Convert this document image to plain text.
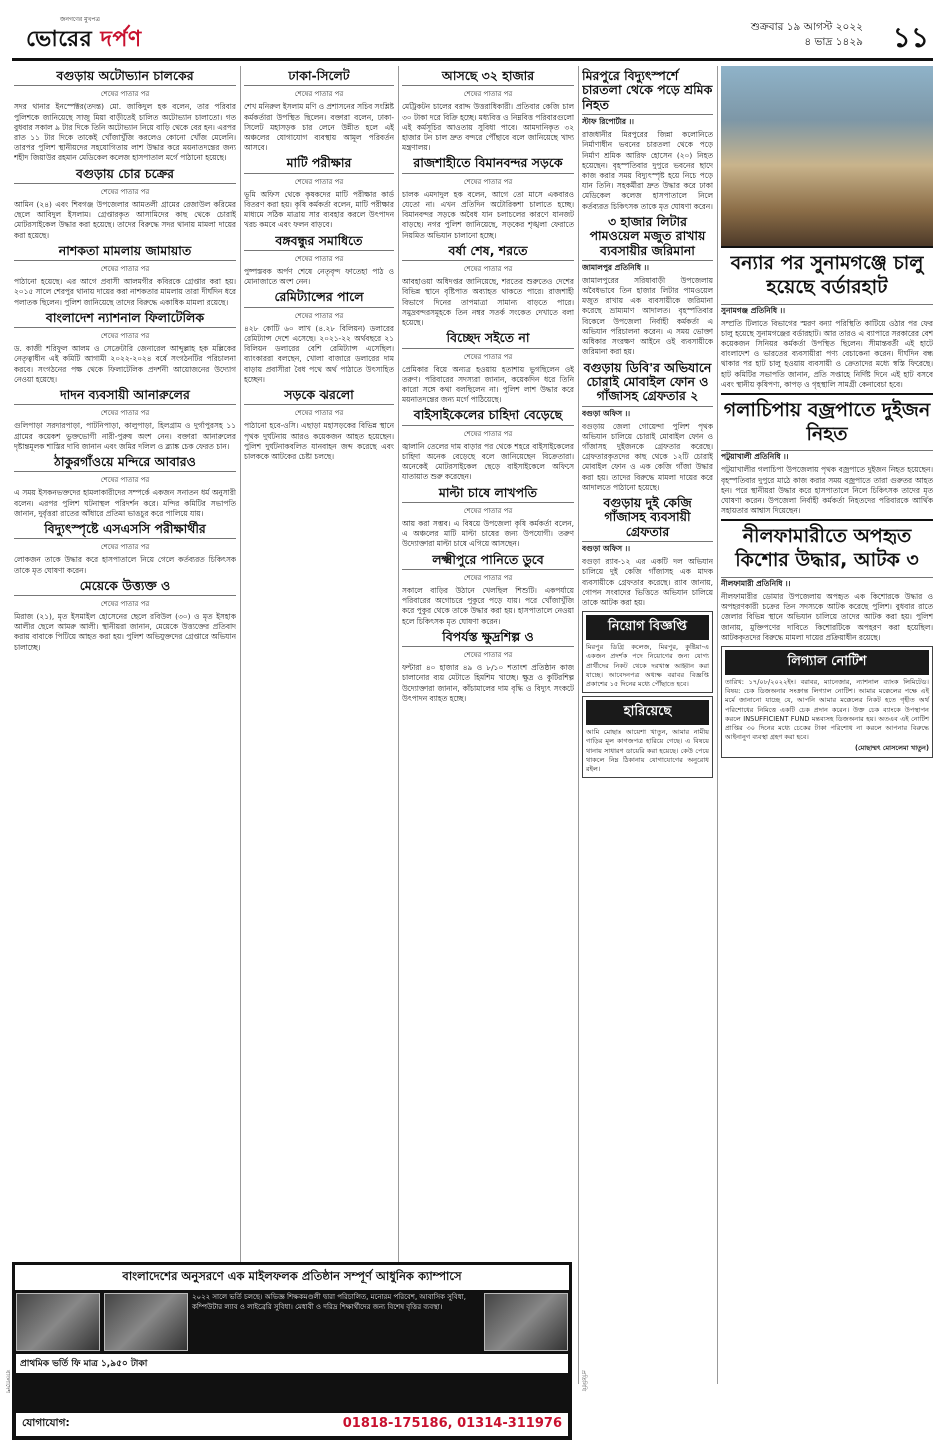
জনগণের মুখপত্র
ভোরের দর্পণ	শুক্রবার ১৯ আগস্ট ২০২২
৪ ভাদ্র ১৪২৯ ১১
বগুড়ায় অটোভ্যান চালকের
শেষের পাতার পর

সদর থানার ইনস্পেক্টর(তদন্ত) মো. জাকিদুল হক বলেন, তার পরিবার পুলিশকে জানিয়েছে সাজু মিয়া বাড়ীতেই চালিত অটোভ্যান চালাতো। গত বুধবার সকাল ৯ টার দিকে তিনি অটোভ্যান নিয়ে বাড়ি থেকে বের হন। এরপর রাত ১১ টার দিকে তাকেই খোঁজাখুঁজি করলেও কোনো খোঁজ মেলেনি। তারপর পুলিশ স্থানীয়দের সহযোগিতায় লাশ উদ্ধার করে ময়নাতদন্তের জন্য শহীদ জিয়াউর রহমান মেডিকেল কলেজ হাসপাতাল মর্গে পাঠানো হয়েছে।

বগুড়ায় চোর চক্রের
শেষের পাতার পর

আমিন (২৪) এবং শিবগঞ্জ উপজেলার আমতলী গ্রামের রেজাউল করিমের ছেলে আবিদুল ইসলাম। গ্রেপ্তারকৃত আসামিদের কাছ থেকে চোরাই মোটরসাইকেল উদ্ধার করা হয়েছে। তাদের বিরুদ্ধে সদর থানায় মামলা দায়ের করা হয়েছে।

নাশকতা মামলায় জামায়াত
শেষের পাতার পর

পাঠানো হয়েছে। এর আগে প্রবাসী আলমগীর কবিরকে গ্রেপ্তার করা হয়। ২০১৫ সালে শেরপুর থানায় দায়ের করা নাশকতার মামলায় তারা দীর্ঘদিন ধরে পলাতক ছিলেন। পুলিশ জানিয়েছে তাদের বিরুদ্ধে একাধিক মামলা রয়েছে।

বাংলাদেশ ন্যাশনাল ফিলাটেলিক
শেষের পাতার পর

ড. কাজী শরিফুল আলম ও সেক্রেটারি জেনারেল আব্দুল্লাহ হক মল্লিকের নেতৃত্বাধীন এই কমিটি আগামী ২০২২-২০২৪ বর্ষে সংগঠনটির পরিচালনা করবে। সংগঠনের পক্ষ থেকে ফিলাটেলিক প্রদর্শনী আয়োজনের উদ্যোগ নেওয়া হয়েছে।

দাদন ব্যবসায়ী আনারুলের
শেষের পাতার পর

গুলিপাড়া সরদারপাড়া, পাটনিপাড়া, কালুপাড়া, হিলগ্রাম ও দুর্গাপুরসহ ১১ গ্রামের কয়েকশ ভুক্তভোগী নারী-পুরুষ অংশ নেন। বক্তারা আনারুলের দৃষ্টান্তমূলক শাস্তির দাবি জানান এবং জমির দলিল ও ব্ল্যাঙ্ক চেক ফেরত চান।

ঠাকুরগাঁওয়ে মন্দিরে আবারও
শেষের পাতার পর

এ সময় ইসকনভক্তদের হামলাকারীদের সম্পর্কে একজন সনাতন ধর্ম অনুসারী বলেন। এরপর পুলিশ ঘটনাস্থল পরিদর্শন করে। মন্দির কমিটির সভাপতি জানান, দুর্বৃত্তরা রাতের আঁধারে প্রতিমা ভাঙচুর করে পালিয়ে যায়।

বিদ্যুৎস্পৃষ্টে এসএসসি পরীক্ষার্থীর
শেষের পাতার পর

লোকজন তাকে উদ্ধার করে হাসপাতালে নিয়ে গেলে কর্তব্যরত চিকিৎসক তাকে মৃত ঘোষণা করেন।

মেয়েকে উত্ত্যক্ত ও
শেষের পাতার পর

মিরাজ (২১), মৃত ইসমাইল হোসেনের ছেলে রবিউল (৩০) ও মৃত ইসহাক আলীর ছেলে আমরু আলী। স্থানীয়রা জানান, মেয়েকে উত্ত্যক্তের প্রতিবাদ করায় বাবাকে পিটিয়ে আহত করা হয়। পুলিশ অভিযুক্তদের গ্রেপ্তারে অভিযান চালাচ্ছে।

ঢাকা-সিলেট
শেষের পাতার পর

শেখ মনিরুল ইসলাম মণি ও প্রশাসনের সচিব সংশ্লিষ্ট কর্মকর্তারা উপস্থিত ছিলেন। বক্তারা বলেন, ঢাকা-সিলেট মহাসড়ক চার লেনে উন্নীত হলে এই অঞ্চলের যোগাযোগ ব্যবস্থায় আমূল পরিবর্তন আসবে।

মাটি পরীক্ষার
শেষের পাতার পর

ভূমি অফিস থেকে কৃষকদের মাটি পরীক্ষার কার্ড বিতরণ করা হয়। কৃষি কর্মকর্তা বলেন, মাটি পরীক্ষার মাধ্যমে সঠিক মাত্রায় সার ব্যবহার করলে উৎপাদন খরচ কমবে এবং ফলন বাড়বে।

বঙ্গবন্ধুর সমাধিতে
শেষের পাতার পর

পুষ্পস্তবক অর্পণ শেষে নেতৃবৃন্দ ফাতেহা পাঠ ও মোনাজাতে অংশ নেন।

রেমিট্যান্সের পালে
শেষের পাতার পর

৪২৮ কোটি ৬০ লাখ (৪.২৮ বিলিয়ন) ডলারের রেমিট্যান্স দেশে এসেছে। ২০২১-২২ অর্থবছরে ২১ বিলিয়ন ডলারের বেশি রেমিট্যান্স এসেছিল। ব্যাংকাররা বলছেন, খোলা বাজারে ডলারের দাম বাড়ায় প্রবাসীরা বৈধ পথে অর্থ পাঠাতে উৎসাহিত হচ্ছেন।

সড়কে ঝরলো
শেষের পাতার পর

পাঠানো হবে-ওসি। এছাড়া মহাসড়কের বিভিন্ন স্থানে পৃথক দুর্ঘটনায় আরও কয়েকজন আহত হয়েছেন। পুলিশ দুর্ঘটনাকবলিত যানবাহন জব্দ করেছে এবং চালককে আটকের চেষ্টা চলছে।

আসছে ৩২ হাজার
শেষের পাতার পর

মেট্রিকটন চালের বরাদ্দ উত্তরাধিকারী। প্রতিবার কেজি চাল ৩০ টাকা দরে বিক্রি হচ্ছে। মধ্যবিত্ত ও নিম্নবিত্ত পরিবারগুলো এই কর্মসূচির আওতায় সুবিধা পাবে। আমদানিকৃত ৩২ হাজার টন চাল দ্রুত বন্দরে পৌঁছাবে বলে জানিয়েছে খাদ্য মন্ত্রণালয়।

রাজশাহীতে বিমানবন্দর সড়কে
শেষের পাতার পর

চালক এমদাদুল হক বলেন, আগে তো মাসে একবারও যেতো না। এখন প্রতিদিন অটোরিকশা চালাতে হচ্ছে। বিমানবন্দর সড়কে অবৈধ যান চলাচলের কারণে যানজট বাড়ছে। নগর পুলিশ জানিয়েছে, সড়কের শৃঙ্খলা ফেরাতে নিয়মিত অভিযান চালানো হচ্ছে।

বর্ষা শেষ, শরতে
শেষের পাতার পর

আবহাওয়া অধিদপ্তর জানিয়েছে, শরতের শুরুতেও দেশের বিভিন্ন স্থানে বৃষ্টিপাত অব্যাহত থাকতে পারে। রাজশাহী বিভাগে দিনের তাপমাত্রা সামান্য বাড়তে পারে। সমুদ্রবন্দরসমূহকে তিন নম্বর সতর্ক সংকেত দেখাতে বলা হয়েছে।

বিচ্ছেদ সইতে না
শেষের পাতার পর

প্রেমিকার বিয়ে অন্যত্র হওয়ায় হতাশায় ভুগছিলেন ওই তরুণ। পরিবারের সদস্যরা জানান, কয়েকদিন ধরে তিনি কারো সঙ্গে কথা বলছিলেন না। পুলিশ লাশ উদ্ধার করে ময়নাতদন্তের জন্য মর্গে পাঠিয়েছে।

বাইসাইকেলের চাহিদা বেড়েছে
শেষের পাতার পর

জ্বালানি তেলের দাম বাড়ার পর থেকে শহরে বাইসাইকেলের চাহিদা অনেক বেড়েছে বলে জানিয়েছেন বিক্রেতারা। অনেকেই মোটরসাইকেল ছেড়ে বাইসাইকেলে অফিসে যাতায়াত শুরু করেছেন।

মাল্টা চাষে লাখপতি
শেষের পাতার পর

আয় করা সম্ভব। এ বিষয়ে উপজেলা কৃষি কর্মকর্তা বলেন, এ অঞ্চলের মাটি মাল্টা চাষের জন্য উপযোগী। তরুণ উদ্যোক্তারা মাল্টা চাষে এগিয়ে আসছেন।

লক্ষ্মীপুরে পানিতে ডুবে
শেষের পাতার পর

সকালে বাড়ির উঠানে খেলছিল শিশুটি। একপর্যায়ে পরিবারের অগোচরে পুকুরে পড়ে যায়। পরে খোঁজাখুঁজি করে পুকুর থেকে তাকে উদ্ধার করা হয়। হাসপাতালে নেওয়া হলে চিকিৎসক মৃত ঘোষণা করেন।

বিপর্যস্ত ক্ষুদ্রশিল্প ও
শেষের পাতার পর

ফন্টারা ৪০ হাজার ৪৯ ও ৮/১০ শতাংশ প্রতিষ্ঠান কাজ চালানোর ব্যয় মেটাতে হিমশিম খাচ্ছে। ক্ষুদ্র ও কুটিরশিল্প উদ্যোক্তারা জানান, কাঁচামালের দাম বৃদ্ধি ও বিদ্যুৎ সংকটে উৎপাদন ব্যাহত হচ্ছে।

মিরপুরে বিদ্যুৎস্পর্শে চারতলা থেকে পড়ে শ্রমিক নিহত
স্টাফ রিপোর্টার ।।

রাজধানীর মিরপুরের জিন্না কলোনিতে নির্মাণাধীন ভবনের চারতলা থেকে পড়ে নির্মাণ শ্রমিক আরিফ হোসেন (২০) নিহত হয়েছেন। বৃহস্পতিবার দুপুরে ভবনের ছাদে কাজ করার সময় বিদ্যুৎস্পৃষ্ট হয়ে নিচে পড়ে যান তিনি। সহকর্মীরা দ্রুত উদ্ধার করে ঢাকা মেডিকেল কলেজ হাসপাতালে নিলে কর্তব্যরত চিকিৎসক তাকে মৃত ঘোষণা করেন।

৩ হাজার লিটার পামওয়েল মজুত রাখায় ব্যবসায়ীর জরিমানা
জামালপুর প্রতিনিধি ।।

জামালপুরের সরিষাবাড়ী উপজেলায় অবৈধভাবে তিন হাজার লিটার পামওয়েল মজুত রাখায় এক ব্যবসায়ীকে জরিমানা করেছে ভ্রাম্যমাণ আদালত। বৃহস্পতিবার বিকেলে উপজেলা নির্বাহী কর্মকর্তা এ অভিযান পরিচালনা করেন। এ সময় ভোক্তা অধিকার সংরক্ষণ আইনে ওই ব্যবসায়ীকে জরিমানা করা হয়।

বগুড়ায় ডিবি'র অভিযানে চোরাই মোবাইল ফোন ও গাঁজাসহ গ্রেফতার ২
বগুড়া অফিস ।।

বগুড়ায় জেলা গোয়েন্দা পুলিশ পৃথক অভিযান চালিয়ে চোরাই মোবাইল ফোন ও গাঁজাসহ দুইজনকে গ্রেফতার করেছে। গ্রেফতারকৃতদের কাছ থেকে ১২টি চোরাই মোবাইল ফোন ও এক কেজি গাঁজা উদ্ধার করা হয়। তাদের বিরুদ্ধে মামলা দায়ের করে আদালতে পাঠানো হয়েছে।

বগুড়ায় দুই কেজি গাঁজাসহ ব্যবসায়ী গ্রেফতার
বগুড়া অফিস ।।

বগুড়া র‍্যাব-১২ এর একটি দল অভিযান চালিয়ে দুই কেজি গাঁজাসহ এক মাদক ব্যবসায়ীকে গ্রেফতার করেছে। র‍্যাব জানায়, গোপন সংবাদের ভিত্তিতে অভিযান চালিয়ে তাকে আটক করা হয়।

নিয়োগ বিজ্ঞপ্তি

মিরপুর ডিগ্রি কলেজ, মিরপুর, কুষ্টিয়া-এ একজন প্রদর্শক পদে নিয়োগের জন্য যোগ্য প্রার্থীদের নিকট থেকে দরখাস্ত আহ্বান করা যাচ্ছে। আবেদনপত্র অধ্যক্ষ বরাবর বিজ্ঞপ্তি প্রকাশের ১৫ দিনের মধ্যে পৌঁছাতে হবে।

হারিয়েছে

আমি মোছাঃ আয়েশা খাতুন, আমার নামীয় গাড়ির মূল কাগজপত্র হারিয়ে গেছে। এ বিষয়ে থানায় সাধারণ ডায়েরি করা হয়েছে। কেউ পেয়ে থাকলে নিম্ন ঠিকানায় যোগাযোগের অনুরোধ রইল।

বন্যার পর সুনামগঞ্জে চালু হয়েছে বর্ডারহাট
সুনামগঞ্জ প্রতিনিধি ।।

সম্প্রতি টিলাতে বিভাগের স্মরণ বন্যা পরিস্থিতি কাটিয়ে ওঠার পর ফের চালু হয়েছে সুনামগঞ্জের বর্ডারহাট। আর তারও এ ব্যাপারে সরকারের বেশ কয়েকজন সিনিয়র কর্মকর্তা উপস্থিত ছিলেন। সীমান্তবর্তী এই হাটে বাংলাদেশ ও ভারতের ব্যবসায়ীরা পণ্য বেচাকেনা করেন। দীর্ঘদিন বন্ধ থাকার পর হাট চালু হওয়ায় ব্যবসায়ী ও ক্রেতাদের মধ্যে স্বস্তি ফিরেছে। হাট কমিটির সভাপতি জানান, প্রতি সপ্তাহে নির্দিষ্ট দিনে এই হাট বসবে এবং স্থানীয় কৃষিপণ্য, কাপড় ও গৃহস্থালি সামগ্রী কেনাবেচা হবে।

গলাচিপায় বজ্রপাতে দুইজন নিহত
পটুয়াখালী প্রতিনিধি ।।

পটুয়াখালীর গলাচিপা উপজেলায় পৃথক বজ্রপাতে দুইজন নিহত হয়েছেন। বৃহস্পতিবার দুপুরে মাঠে কাজ করার সময় বজ্রপাতে তারা গুরুতর আহত হন। পরে স্থানীয়রা উদ্ধার করে হাসপাতালে নিলে চিকিৎসক তাদের মৃত ঘোষণা করেন। উপজেলা নির্বাহী কর্মকর্তা নিহতদের পরিবারকে আর্থিক সহায়তার আশ্বাস দিয়েছেন।

নীলফামারীতে অপহৃত কিশোর উদ্ধার, আটক ৩
নীলফামারী প্রতিনিধি ।।

নীলফামারীর ডোমার উপজেলায় অপহৃত এক কিশোরকে উদ্ধার ও অপহরণকারী চক্রের তিন সদস্যকে আটক করেছে পুলিশ। বুধবার রাতে জেলার বিভিন্ন স্থানে অভিযান চালিয়ে তাদের আটক করা হয়। পুলিশ জানায়, মুক্তিপণের দাবিতে কিশোরটিকে অপহরণ করা হয়েছিল। আটককৃতদের বিরুদ্ধে মামলা দায়ের প্রক্রিয়াধীন রয়েছে।

লিগ্যাল নোটিশ

তারিখ: ১৭/০৮/২০২২ইং। বরাবর, ম্যানেজার, ন্যাশনাল ব্যাংক লিমিটেড। বিষয়: চেক ডিজঅনার সংক্রান্ত লিগ্যাল নোটিশ। আমার মক্কেলের পক্ষে এই মর্মে জানানো যাচ্ছে যে, আপনি আমার মক্কেলের নিকট হতে গৃহীত অর্থ পরিশোধের নিমিত্তে একটি চেক প্রদান করেন। উক্ত চেক ব্যাংকে উপস্থাপন করলে INSUFFICIENT FUND মন্তব্যসহ ডিজঅনার হয়। অতএব এই নোটিশ প্রাপ্তির ৩০ দিনের মধ্যে চেকের টাকা পরিশোধ না করলে আপনার বিরুদ্ধে আইনানুগ ব্যবস্থা গ্রহণ করা হবে।

(মোছাম্মৎ মোসলেমা খাতুন)
বাংলাদেশের অনুসরণে এক মাইলফলক প্রতিষ্ঠান সম্পূর্ণ আধুনিক ক্যাম্পাসে
২০২২ সালে ভর্তি চলছে। অভিজ্ঞ শিক্ষকমণ্ডলী দ্বারা পরিচালিত, মনোরম পরিবেশ, আবাসিক সুবিধা, কম্পিউটার ল্যাব ও লাইব্রেরি সুবিধা। মেধাবী ও দরিদ্র শিক্ষার্থীদের জন্য বিশেষ বৃত্তির ব্যবস্থা।
প্রাথমিক ভর্তি ফি মাত্র ১,৯৫০ টাকা
যোগাযোগ:	01818-175186, 01314-311976
বাংলাদেশ	প্রতিনিধি
